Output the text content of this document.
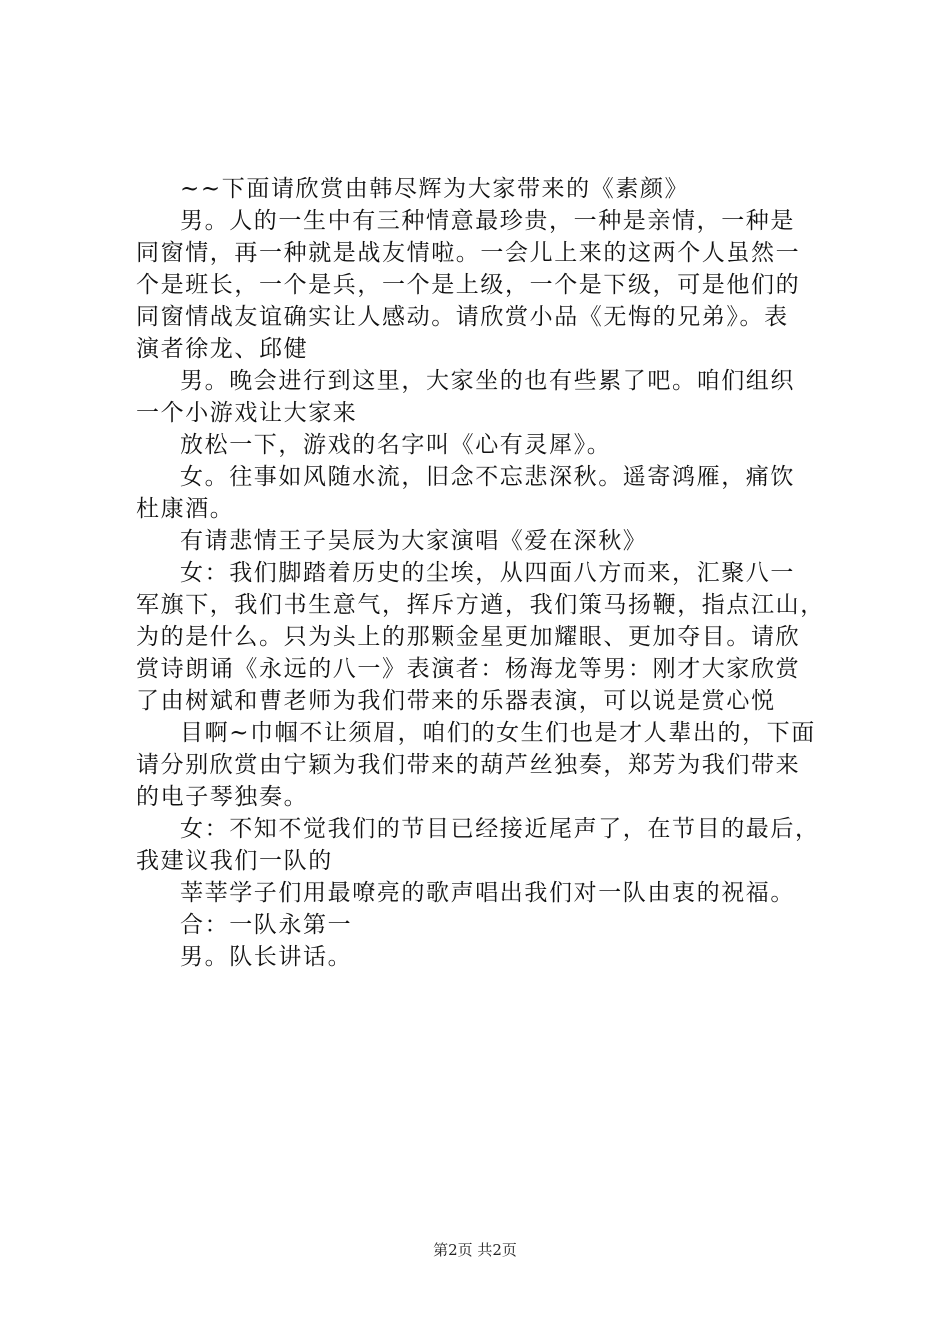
~~下面请欣赏由韩尽辉为大家带来的《素颜》
男。人的一生中有三种情意最珍贵，一种是亲情，一种是
同窗情，再一种就是战友情啦。一会儿上来的这两个人虽然一
个是班长，一个是兵，一个是上级，一个是下级，可是他们的
同窗情战友谊确实让人感动。请欣赏小品《无悔的兄弟》。表
演者徐龙、邱健
男。晚会进行到这里，大家坐的也有些累了吧。咱们组织
一个小游戏让大家来
放松一下，游戏的名字叫《心有灵犀》。
女。往事如风随水流，旧念不忘悲深秋。遥寄鸿雁，痛饮
杜康酒。
有请悲情王子吴辰为大家演唱《爱在深秋》
女：我们脚踏着历史的尘埃，从四面八方而来，汇聚八一
军旗下，我们书生意气，挥斥方遒，我们策马扬鞭，指点江山，
为的是什么。只为头上的那颗金星更加耀眼、更加夺目。请欣
赏诗朗诵《永远的八一》表演者：杨海龙等男：刚才大家欣赏
了由树斌和曹老师为我们带来的乐器表演，可以说是赏心悦
目啊~巾帼不让须眉，咱们的女生们也是才人辈出的，下面
请分别欣赏由宁颖为我们带来的葫芦丝独奏，郑芳为我们带来
的电子琴独奏。
女：不知不觉我们的节目已经接近尾声了，在节目的最后，
我建议我们一队的
莘莘学子们用最嘹亮的歌声唱出我们对一队由衷的祝福。
合：一队永第一
男。队长讲话。
第2页 共2页
